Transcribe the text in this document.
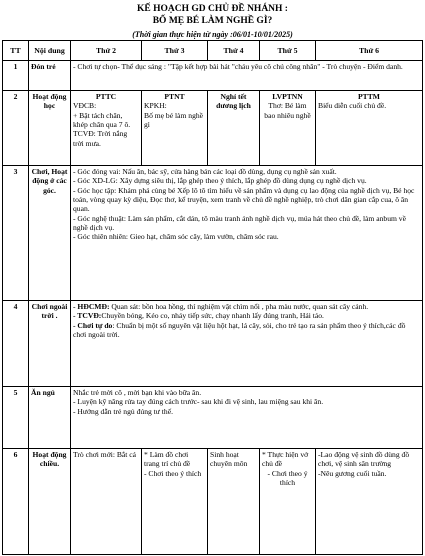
KẾ HOẠCH GD CHỦ ĐỀ NHÁNH :
BỐ MẸ BÉ LÀM NGHỀ GÌ?
(Thời gian thực hiện từ ngày :06/01-10/01/2025)
TT	Nội dung	Thứ 2	Thứ 3	Thứ 4	Thứ 5	Thứ 6
1	Đón trẻ	- Chơi tự chọn- Thể dục sáng : "Tập kết hợp bài hát "cháu yêu cô chú công nhân" - Trò chuyện - Điểm danh.				
2	Hoạt động học	PTTC
VĐCB:
+ Bật tách chân, khép chân qua 7 ô.
TCVĐ: Trời nắng trời mưa.	PTNT
KPKH:
Bố mẹ bé làm nghề gì	Nghỉ tết dương lịch	LVPTNN
Thơ: Bé làm bao nhiêu nghề	PTTM
Biểu diễn cuối chủ đề.

3	Chơi, Hoạt động ở các góc.	- Góc đóng vai: Nấu ăn, bác sỹ, cửa hàng bán các loại đồ dùng, dụng cụ nghề sản xuất.
- Góc XD-LG: Xây dựng siêu thị, lắp ghép theo ý thích, lắp ghép đồ dùng dụng cụ nghề dịch vụ.
- Góc học tập: Khám phá cùng bé Xếp lô tô tìm hiểu về sản phẩm và dụng cụ lao động của nghề dịch vụ, Bé học toán, vòng quay kỳ diệu, Đọc thơ, kể truyện, xem tranh về chủ đề nghề nghiệp, trò chơi dân gian cắp cua, ô ăn quan.
- Góc nghệ thuật: Làm sản phẩm, cắt dán, tô màu tranh ảnh nghề dịch vụ, múa hát theo chủ đề, làm anbum về nghề dịch vụ.
- Góc thiên nhiên: Gieo hạt, chăm sóc cây, làm vườn, chăm sóc rau.				

4	Chơi ngoài trời .	- HĐCMĐ: Quan sát: bồn hoa hồng, thí nghiệm vật chìm nổi , pha màu nước, quan sát cây cảnh.
- TCVĐ:Chuyền bóng, Kéo co, nhảy tiếp sức, chạy nhanh lấy đúng tranh, Hái táo.
- Chơi tự do: Chuẩn bị một số nguyên vật liệu hột hạt, lá cây, sỏi, cho trẻ tạo ra sản phẩm theo ý thích,các đồ chơi ngoài trời.				

5	Ăn ngủ	Nhắc trẻ mời cô , mời bạn khi vào bữa ăn.
- Luyện kỹ năng rửa tay đúng cách trước- sau khi đi vệ sinh, lau miệng sau khi ăn.
- Hướng dẫn trẻ ngủ đúng tư thế.				

6	Hoạt động chiều.	Trò chơi mới: Bắt cá	* Làm đồ chơi trang trí chủ đề
- Chơi theo ý thích	Sinh hoạt chuyên môn	* Thực hiện vở chủ đề
- Chơi theo ý thích	-Lao động vệ sinh đồ dùng đồ chơi, vệ sinh sân trường
-Nêu gương cuối tuần.
